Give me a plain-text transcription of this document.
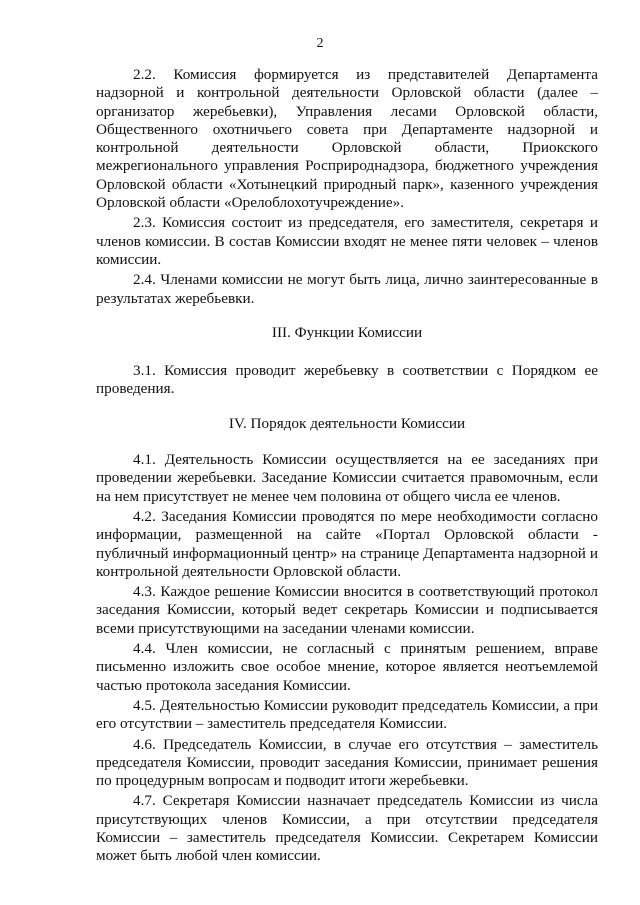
2

2.2. Комиссия формируется из представителей Департамента надзорной и контрольной деятельности Орловской области (далее – организатор жеребьевки), Управления лесами Орловской области, Общественного охотничьего совета при Департаменте надзорной и контрольной деятельности Орловской области, Приокского межрегионального управления Росприроднадзора, бюджетного учреждения Орловской области «Хотынецкий природный парк», казенного учреждения Орловской области «Орелоблохотучреждение».

2.3. Комиссия состоит из председателя, его заместителя, секретаря и членов комиссии. В состав Комиссии входят не менее пяти человек – членов комиссии.

2.4. Членами комиссии не могут быть лица, лично заинтересованные в результатах жеребьевки.

III. Функции Комиссии

3.1. Комиссия проводит жеребьевку в соответствии с Порядком ее проведения.

IV. Порядок деятельности Комиссии

4.1. Деятельность Комиссии осуществляется на ее заседаниях при проведении жеребьевки. Заседание Комиссии считается правомочным, если на нем присутствует не менее чем половина от общего числа ее членов.

4.2. Заседания Комиссии проводятся по мере необходимости согласно информации, размещенной на сайте «Портал Орловской области - публичный информационный центр» на странице Департамента надзорной и контрольной деятельности Орловской области.

4.3. Каждое решение Комиссии вносится в соответствующий протокол заседания Комиссии, который ведет секретарь Комиссии и подписывается всеми присутствующими на заседании членами комиссии.

4.4. Член комиссии, не согласный с принятым решением, вправе письменно изложить свое особое мнение, которое является неотъемлемой частью протокола заседания Комиссии.

4.5. Деятельностью Комиссии руководит председатель Комиссии, а при его отсутствии – заместитель председателя Комиссии.

4.6. Председатель Комиссии, в случае его отсутствия – заместитель председателя Комиссии, проводит заседания Комиссии, принимает решения по процедурным вопросам и подводит итоги жеребьевки.

4.7. Секретаря Комиссии назначает председатель Комиссии из числа присутствующих членов Комиссии, а при отсутствии председателя Комиссии – заместитель председателя Комиссии. Секретарем Комиссии может быть любой член комиссии.
